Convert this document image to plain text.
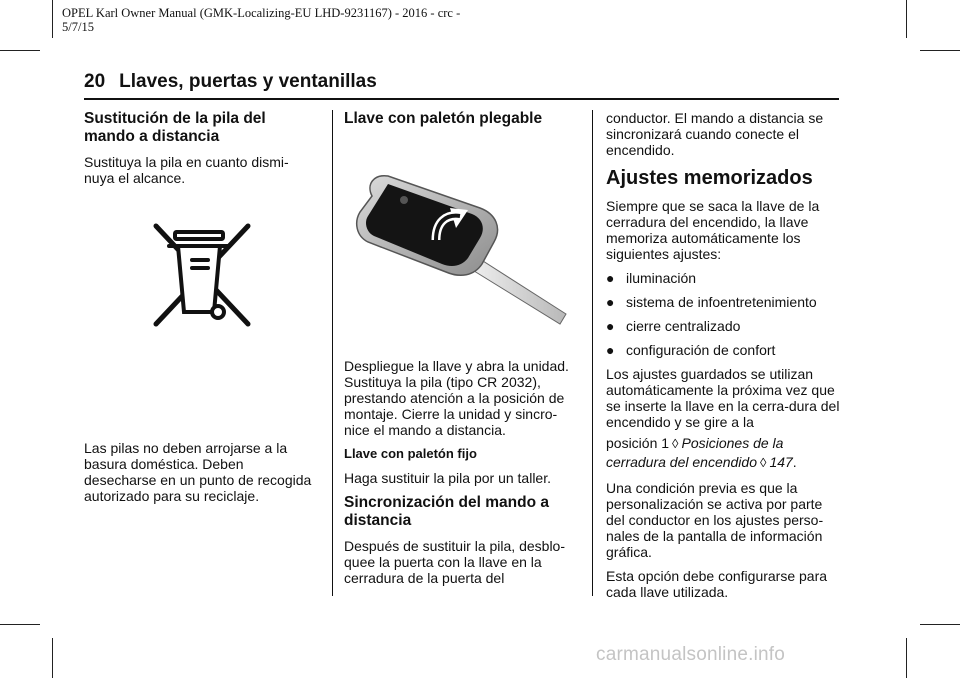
OPEL Karl Owner Manual (GMK-Localizing-EU LHD-9231167) - 2016 - crc -
5/7/15
20 Llaves, puertas y ventanillas
Sustitución de la pila del mando a distancia

Sustituya la pila en cuanto dismi-nuya el alcance.

Las pilas no deben arrojarse a la basura doméstica. Deben desecharse en un punto de recogida autorizado para su reciclaje.

Llave con paletón plegable

Despliegue la llave y abra la unidad. Sustituya la pila (tipo CR 2032), prestando atención a la posición de montaje. Cierre la unidad y sincro-nice el mando a distancia.

Llave con paletón fijo

Haga sustituir la pila por un taller.

Sincronización del mando a distancia

Después de sustituir la pila, desblo-quee la puerta con la llave en la cerradura de la puerta del

conductor. El mando a distancia se sincronizará cuando conecte el encendido.

Ajustes memorizados

Siempre que se saca la llave de la cerradura del encendido, la llave memoriza automáticamente los siguientes ajustes:

● iluminación
● sistema de infoentretenimiento
● cierre centralizado
● configuración de confort

Los ajustes guardados se utilizan automáticamente la próxima vez que se inserte la llave en la cerra-dura del encendido y se gire a la

posición 1 ◊ Posiciones de la
cerradura del encendido ◊ 147.

Una condición previa es que la personalización se activa por parte del conductor en los ajustes perso-nales de la pantalla de información gráfica.

Esta opción debe configurarse para cada llave utilizada.

carmanualsonline.info
